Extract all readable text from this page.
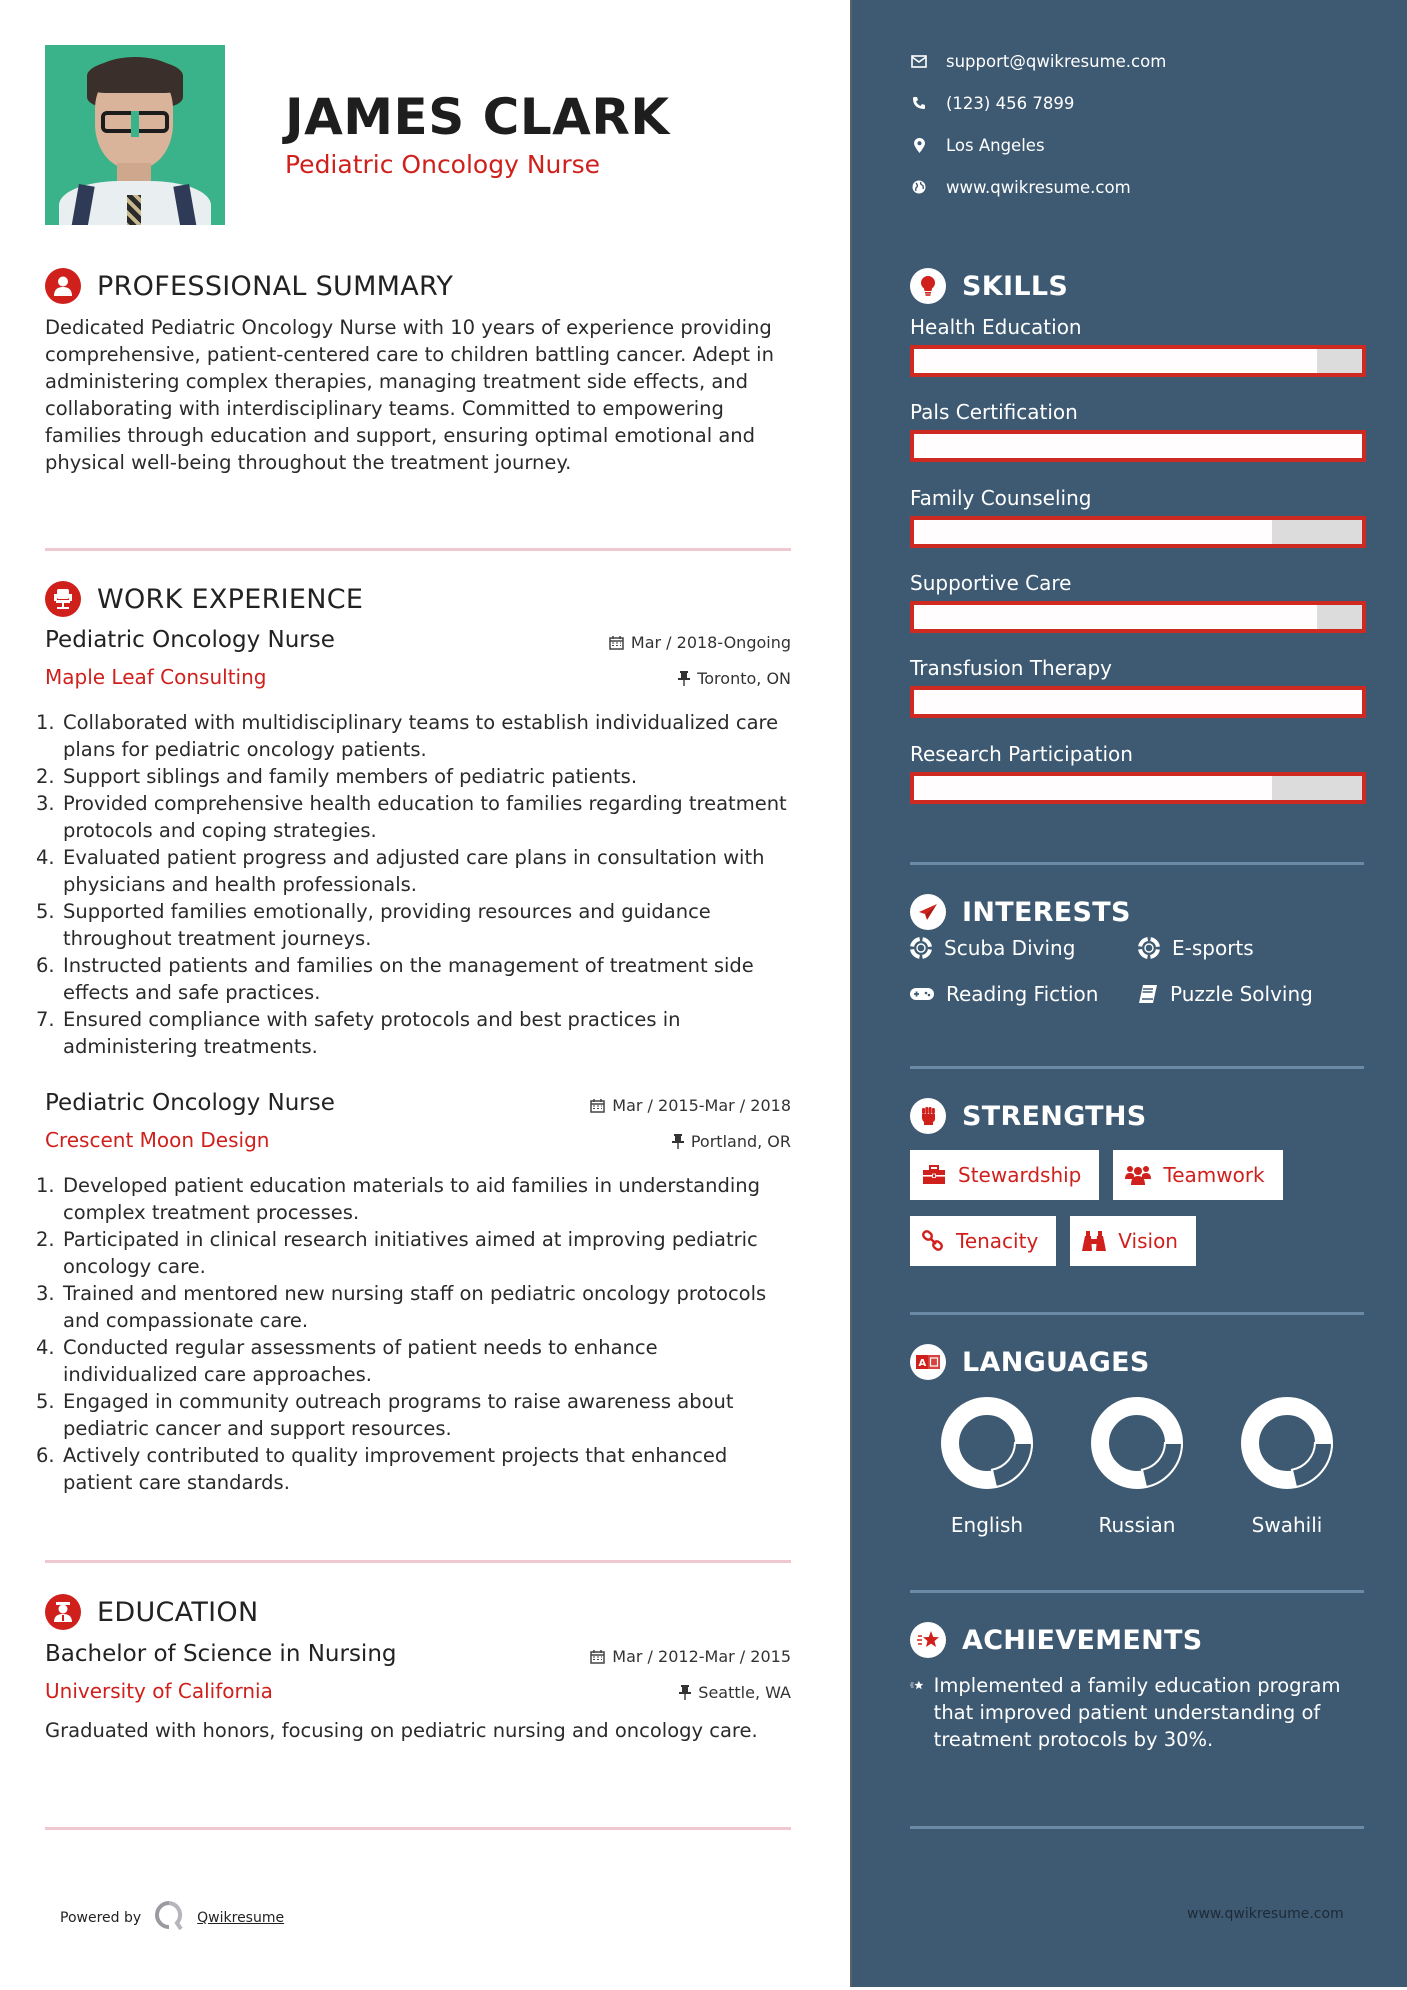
JAMES CLARK
Pediatric Oncology Nurse
PROFESSIONAL SUMMARY
Dedicated Pediatric Oncology Nurse with 10 years of experience providing comprehensive, patient-centered care to children battling cancer. Adept in administering complex therapies, managing treatment side effects, and collaborating with interdisciplinary teams. Committed to empowering families through education and support, ensuring optimal emotional and physical well-being throughout the treatment journey.
WORK EXPERIENCE
Pediatric Oncology Nurse	Mar / 2018-Ongoing
Maple Leaf Consulting	Toronto, ON
1. Collaborated with multidisciplinary teams to establish individualized care plans for pediatric oncology patients.
2. Support siblings and family members of pediatric patients.
3. Provided comprehensive health education to families regarding treatment protocols and coping strategies.
4. Evaluated patient progress and adjusted care plans in consultation with physicians and health professionals.
5. Supported families emotionally, providing resources and guidance throughout treatment journeys.
6. Instructed patients and families on the management of treatment side effects and safe practices.
7. Ensured compliance with safety protocols and best practices in administering treatments.
Pediatric Oncology Nurse	Mar / 2015-Mar / 2018
Crescent Moon Design	Portland, OR
1. Developed patient education materials to aid families in understanding complex treatment processes.
2. Participated in clinical research initiatives aimed at improving pediatric oncology care.
3. Trained and mentored new nursing staff on pediatric oncology protocols and compassionate care.
4. Conducted regular assessments of patient needs to enhance individualized care approaches.
5. Engaged in community outreach programs to raise awareness about pediatric cancer and support resources.
6. Actively contributed to quality improvement projects that enhanced patient care standards.
EDUCATION
Bachelor of Science in Nursing	Mar / 2012-Mar / 2015
University of California	Seattle, WA
Graduated with honors, focusing on pediatric nursing and oncology care.
Powered by	Qwikresume
support@qwikresume.com
(123) 456 7899
Los Angeles
www.qwikresume.com
SKILLS
Health Education
Pals Certification
Family Counseling
Supportive Care
Transfusion Therapy
Research Participation
INTERESTS
Scuba Diving	E-sports
Reading Fiction	Puzzle Solving
STRENGTHS
Stewardship	Teamwork
Tenacity	Vision
A LANGUAGES
English	Russian	Swahili
ACHIEVEMENTS
Implemented a family education program that improved patient understanding of treatment protocols by 30%.
www.qwikresume.com
